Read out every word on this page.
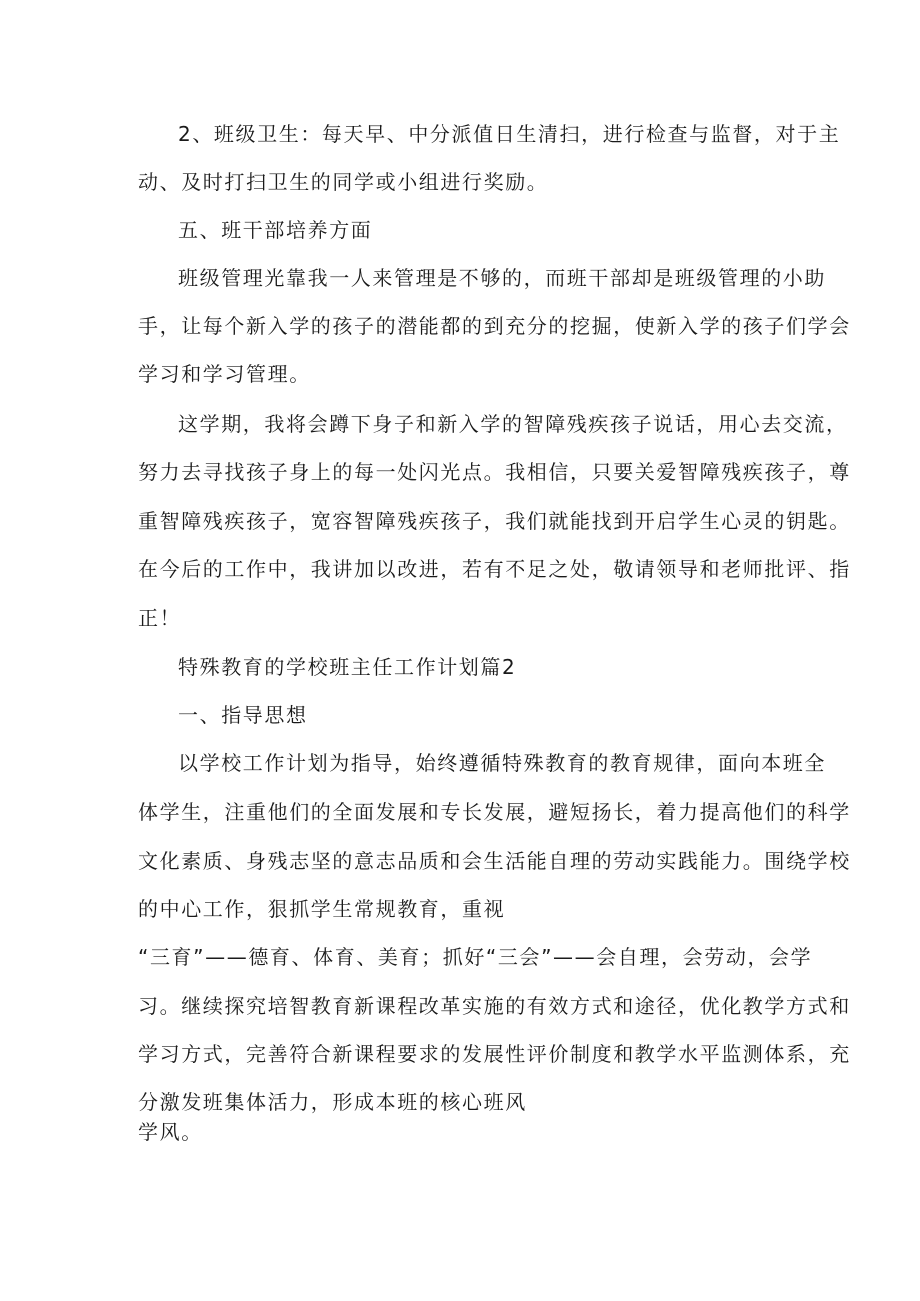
2、班级卫生：每天早、中分派值日生清扫，进行检查与监督，对于主

动、及时打扫卫生的同学或小组进行奖励。

五、班干部培养方面

班级管理光靠我一人来管理是不够的，而班干部却是班级管理的小助

手，让每个新入学的孩子的潜能都的到充分的挖掘，使新入学的孩子们学会

学习和学习管理。

这学期，我将会蹲下身子和新入学的智障残疾孩子说话，用心去交流，

努力去寻找孩子身上的每一处闪光点。我相信，只要关爱智障残疾孩子，尊

重智障残疾孩子，宽容智障残疾孩子，我们就能找到开启学生心灵的钥匙。

在今后的工作中，我讲加以改进，若有不足之处，敬请领导和老师批评、指

正！

特殊教育的学校班主任工作计划篇2

一、指导思想

以学校工作计划为指导，始终遵循特殊教育的教育规律，面向本班全

体学生，注重他们的全面发展和专长发展，避短扬长，着力提高他们的科学

文化素质、身残志坚的意志品质和会生活能自理的劳动实践能力。围绕学校

的中心工作，狠抓学生常规教育，重视

“三育”——德育、体育、美育；抓好“三会”——会自理，会劳动，会学

习。继续探究培智教育新课程改革实施的有效方式和途径，优化教学方式和

学习方式，完善符合新课程要求的发展性评价制度和教学水平监测体系，充

分激发班集体活力，形成本班的核心班风

学风。
